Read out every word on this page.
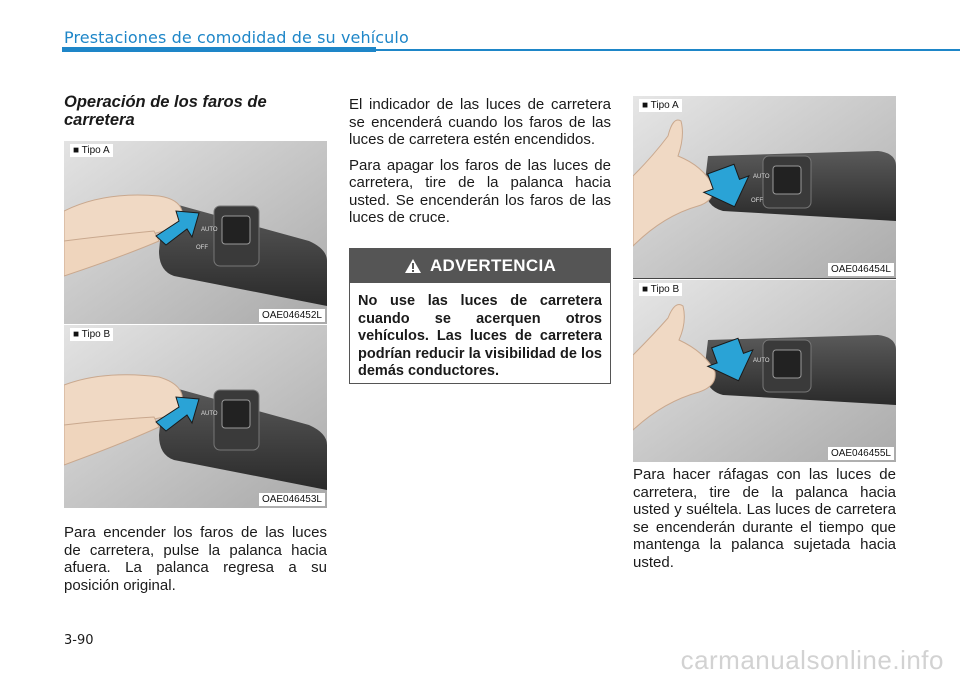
Prestaciones de comodidad de su vehículo
Operación de los faros de carretera
AUTO
OFF
■ Tipo A
OAE046452L
AUTO
■ Tipo B
OAE046453L
Para encender los faros de las luces de carretera, pulse la palanca hacia afuera. La palanca regresa a su posición original.

El indicador de las luces de carretera se encenderá cuando los faros de las luces de carretera estén encendidos.

Para apagar los faros de las luces de carretera, tire de la palanca hacia usted. Se encenderán los faros de las luces de cruce.

ADVERTENCIA
No use las luces de carretera cuando se acerquen otros vehículos. Las luces de carretera podrían reducir la visibilidad de los demás conductores.
AUTO
OFF
■ Tipo A
OAE046454L
AUTO
■ Tipo B
OAE046455L
Para hacer ráfagas con las luces de carretera, tire de la palanca hacia usted y suéltela. Las luces de carretera se encenderán durante el tiempo que mantenga la palanca sujetada hacia usted.
3-90
carmanualsonline.info
